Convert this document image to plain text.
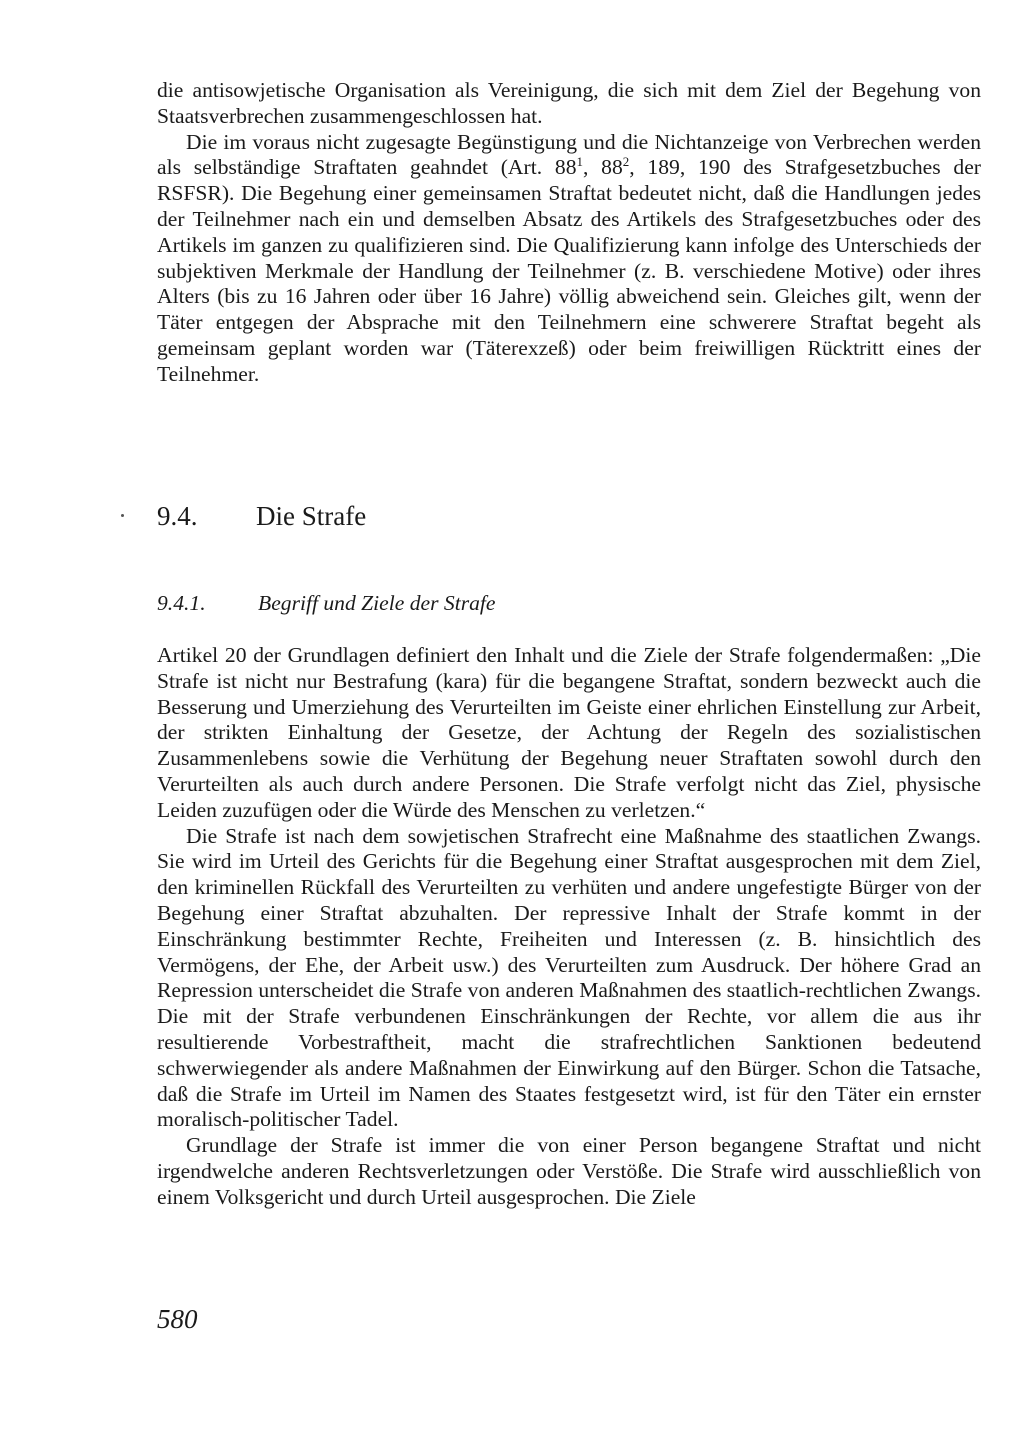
die antisowjetische Organisation als Vereinigung, die sich mit dem Ziel der Begehung von Staatsverbrechen zusammengeschlossen hat.

Die im voraus nicht zugesagte Begünstigung und die Nichtanzeige von Verbrechen werden als selbständige Straftaten geahndet (Art. $88^1$, $88^2$, 189, 190 des Strafgesetzbuches der RSFSR). Die Begehung einer gemeinsamen Straftat bedeutet nicht, daß die Handlungen jedes der Teilnehmer nach ein und demselben Absatz des Artikels des Strafgesetzbuches oder des Artikels im ganzen zu qualifizieren sind. Die Qualifizierung kann infolge des Unterschieds der subjektiven Merkmale der Handlung der Teilnehmer (z. B. verschiedene Motive) oder ihres Alters (bis zu 16 Jahren oder über 16 Jahre) völlig abweichend sein. Gleiches gilt, wenn der Täter entgegen der Absprache mit den Teilnehmern eine schwerere Straftat begeht als gemeinsam geplant worden war (Täterexzeß) oder beim freiwilligen Rücktritt eines der Teilnehmer.

9.4. Die Strafe
9.4.1. Begriff und Ziele der Strafe

Artikel 20 der Grundlagen definiert den Inhalt und die Ziele der Strafe folgendermaßen: „Die Strafe ist nicht nur Bestrafung (kara) für die begangene Straftat, sondern bezweckt auch die Besserung und Umerziehung des Verurteilten im Geiste einer ehrlichen Einstellung zur Arbeit, der strikten Einhaltung der Gesetze, der Achtung der Regeln des sozialistischen Zusammenlebens sowie die Verhütung der Begehung neuer Straftaten sowohl durch den Verurteilten als auch durch andere Personen. Die Strafe verfolgt nicht das Ziel, physische Leiden zuzufügen oder die Würde des Menschen zu verletzen.“

Die Strafe ist nach dem sowjetischen Strafrecht eine Maßnahme des staatlichen Zwangs. Sie wird im Urteil des Gerichts für die Begehung einer Straftat ausgesprochen mit dem Ziel, den kriminellen Rückfall des Verurteilten zu verhüten und andere ungefestigte Bürger von der Begehung einer Straftat abzuhalten. Der repressive Inhalt der Strafe kommt in der Einschränkung bestimmter Rechte, Freiheiten und Interessen (z. B. hinsichtlich des Vermögens, der Ehe, der Arbeit usw.) des Verurteilten zum Ausdruck. Der höhere Grad an Repression unterscheidet die Strafe von anderen Maßnahmen des staatlich-rechtlichen Zwangs. Die mit der Strafe verbundenen Einschränkungen der Rechte, vor allem die aus ihr resultierende Vorbestraftheit, macht die strafrechtlichen Sanktionen bedeutend schwerwiegender als andere Maßnahmen der Einwirkung auf den Bürger. Schon die Tatsache, daß die Strafe im Urteil im Namen des Staates festgesetzt wird, ist für den Täter ein ernster moralisch-politischer Tadel.

Grundlage der Strafe ist immer die von einer Person begangene Straftat und nicht irgendwelche anderen Rechtsverletzungen oder Verstöße. Die Strafe wird ausschließlich von einem Volksgericht und durch Urteil ausgesprochen. Die Ziele

580
